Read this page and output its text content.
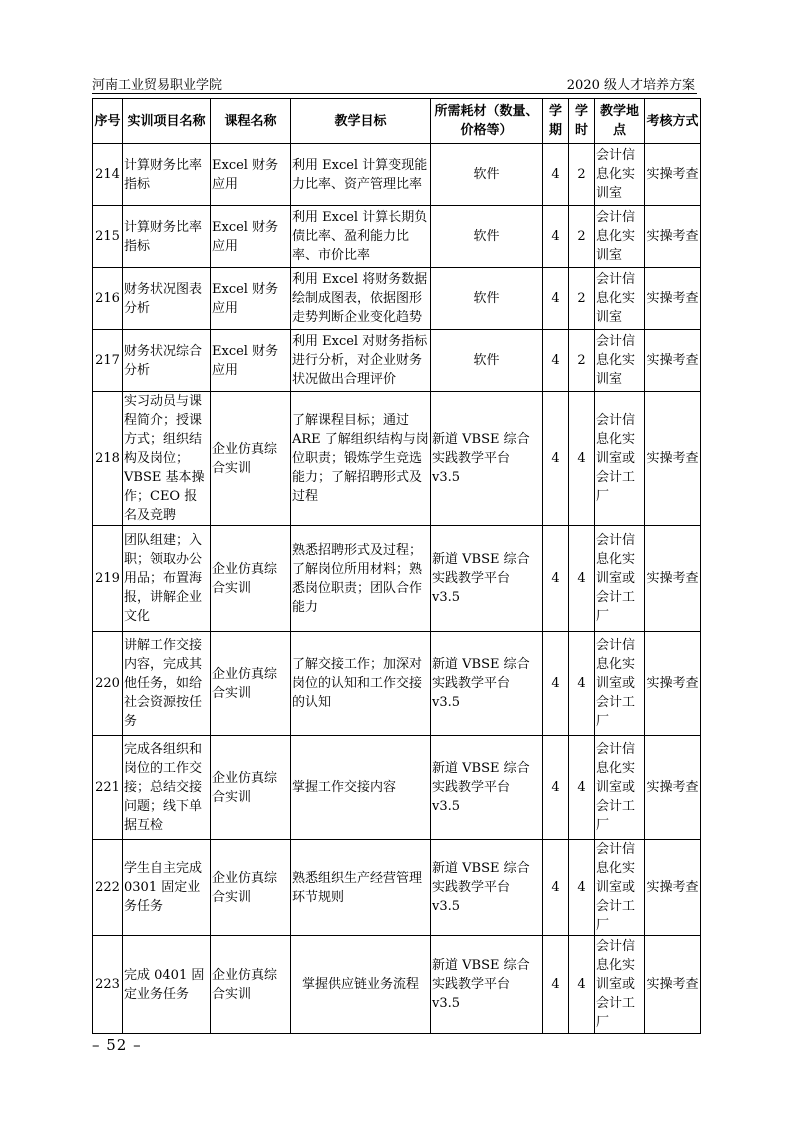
河南工业贸易职业学院	2020 级人才培养方案
序号	实训项目名称	课程名称	教学目标	所需耗材（数量、价格等）	学期	学时	教学地点	考核方式
214	计算财务比率指标	Excel 财务应用	利用 Excel 计算变现能力比率、资产管理比率	软件	4	2	会计信息化实训室	实操考查
215	计算财务比率指标	Excel 财务应用	利用 Excel 计算长期负债比率、盈利能力比率、市价比率	软件	4	2	会计信息化实训室	实操考查
216	财务状况图表分析	Excel 财务应用	利用 Excel 将财务数据绘制成图表，依据图形走势判断企业变化趋势	软件	4	2	会计信息化实训室	实操考查
217	财务状况综合分析	Excel 财务应用	利用 Excel 对财务指标进行分析，对企业财务状况做出合理评价	软件	4	2	会计信息化实训室	实操考查
218	实习动员与课程简介；授课方式；组织结构及岗位；VBSE 基本操作；CEO 报名及竞聘	企业仿真综合实训	了解课程目标；通过 ARE 了解组织结构与岗位职责；锻炼学生竞选能力；了解招聘形式及过程	新道 VBSE 综合实践教学平台 v3.5	4	4	会计信息化实训室或会计工厂	实操考查
219	团队组建；入职；领取办公用品；布置海报，讲解企业文化	企业仿真综合实训	熟悉招聘形式及过程；了解岗位所用材料；熟悉岗位职责；团队合作能力	新道 VBSE 综合实践教学平台 v3.5	4	4	会计信息化实训室或会计工厂	实操考查
220	讲解工作交接内容，完成其他任务，如给社会资源按任务	企业仿真综合实训	了解交接工作；加深对岗位的认知和工作交接的认知	新道 VBSE 综合实践教学平台 v3.5	4	4	会计信息化实训室或会计工厂	实操考查
221	完成各组织和岗位的工作交接；总结交接问题；线下单据互检	企业仿真综合实训	掌握工作交接内容	新道 VBSE 综合实践教学平台 v3.5	4	4	会计信息化实训室或会计工厂	实操考查
222	学生自主完成 0301 固定业务任务	企业仿真综合实训	熟悉组织生产经营管理环节规则	新道 VBSE 综合实践教学平台 v3.5	4	4	会计信息化实训室或会计工厂	实操考查
223	完成 0401 固定业务任务	企业仿真综合实训	掌握供应链业务流程	新道 VBSE 综合实践教学平台 v3.5	4	4	会计信息化实训室或会计工厂	实操考查
– 52 –
